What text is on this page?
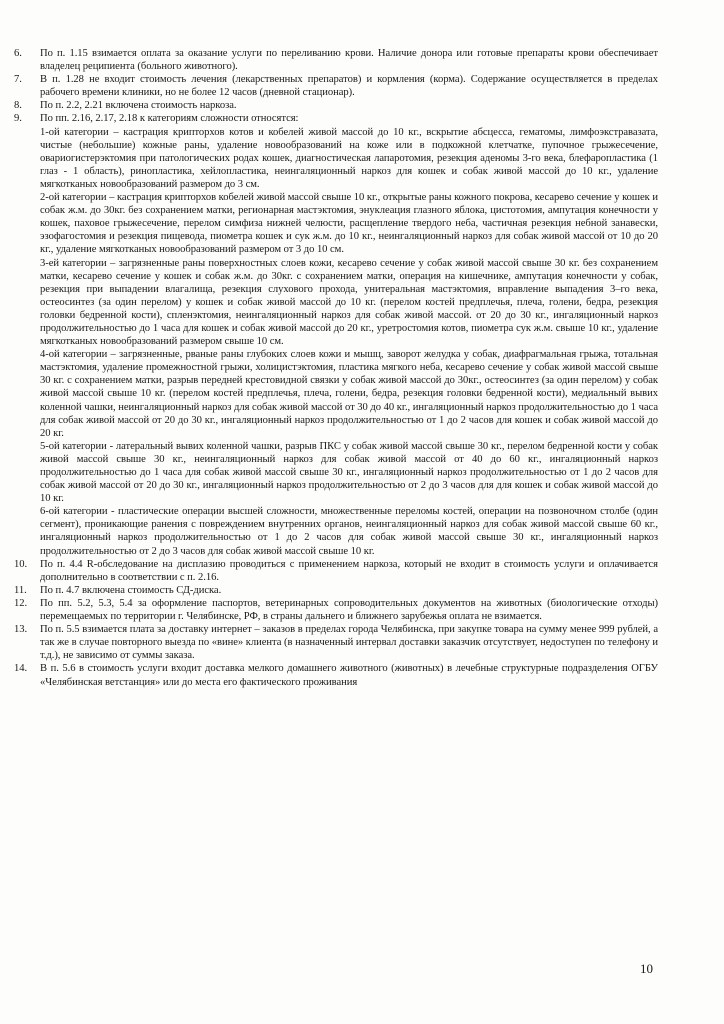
6.	По п. 1.15 взимается оплата за оказание услуги по переливанию крови. Наличие донора или готовые препараты крови обеспечивает владелец реципиента (больного животного).
7.	В п. 1.28 не входит стоимость лечения (лекарственных препаратов) и кормления (корма). Содержание осуществляется в пределах рабочего времени клиники, но не более 12 часов (дневной стационар).
8.	По п. 2.2, 2.21 включена стоимость наркоза.
9.	По пп. 2.16, 2.17, 2.18 к категориям сложности относятся:
1-ой категории – кастрация крипторхов котов и кобелей живой массой до 10 кг., вскрытие абсцесса, гематомы, лимфоэкстравазата, чистые (небольшие) кожные раны, удаление новообразований на коже или в подкожной клетчатке, пупочное грыжесечение, овариогистерэктомия при патологических родах кошек, диагностическая лапаротомия, резекция аденомы 3-го века, блефаропластика (1 глаз - 1 область), ринопластика, хейлопластика, неингаляционный наркоз для кошек и собак живой массой до 10 кг., удаление мягкотканых новообразований размером до 3 см.
2-ой категории – кастрация крипторхов кобелей живой массой свыше 10 кг., открытые раны кожного покрова, кесарево сечение у кошек и собак ж.м. до 30кг. без сохранением матки, регионарная мастэктомия, энуклеация глазного яблока, цистотомия, ампутация конечности у кошек, паховое грыжесечение, перелом симфиза нижней челюсти, расщепление твердого неба, частичная резекция небной занавески, эзофагостомия и резекция пищевода, пиометра кошек и сук ж.м. до 10 кг., неингаляционный наркоз для собак живой массой от 10 до 20 кг., удаление мягкотканых новообразований размером от 3 до 10 см.
3-ей категории – загрязненные раны поверхностных слоев кожи, кесарево сечение у собак живой массой свыше 30 кг. без сохранением матки, кесарево сечение у кошек и собак ж.м. до 30кг. с сохранением матки, операция на кишечнике, ампутация конечности у собак, резекция при выпадении влагалища, резекция слухового прохода, унитеральная мастэктомия, вправление выпадения 3–го века, остеосинтез (за один перелом) у кошек и собак живой массой до 10 кг. (перелом костей предплечья, плеча, голени, бедра, резекция головки бедренной кости), спленэктомия, неингаляционный наркоз для собак живой массой. от 20 до 30 кг., ингаляционный наркоз продолжительностью до 1 часа для кошек и собак живой массой до 20 кг., уретростомия котов, пиометра сук ж.м. свыше 10 кг., удаление мягкотканых новообразований размером свыше 10 см.
4-ой категории – загрязненные, рваные раны глубоких слоев кожи и мышц, заворот желудка у собак, диафрагмальная грыжа, тотальная мастэктомия, удаление промежностной грыжи, холицистэктомия, пластика мягкого неба, кесарево сечение у собак живой массой свыше 30 кг. с сохранением матки, разрыв передней крестовидной связки у собак живой массой до 30кг., остеосинтез (за один перелом) у собак живой массой свыше 10 кг. (перелом костей предплечья, плеча, голени, бедра, резекция головки бедренной кости), медиальный вывих коленной чашки, неингаляционный наркоз для собак живой массой от 30 до 40 кг., ингаляционный наркоз продолжительностью до 1 часа для собак живой массой от 20 до 30 кг., ингаляционный наркоз продолжительностью от 1 до 2 часов для кошек и собак живой массой до 20 кг.
5-ой категории - латеральный вывих коленной чашки, разрыв ПКС у собак живой массой свыше 30 кг., перелом бедренной кости у собак живой массой свыше 30 кг., неингаляционный наркоз для собак живой массой от 40 до 60 кг., ингаляционный наркоз продолжительностью до 1 часа для собак живой массой свыше 30 кг., ингаляционный наркоз продолжительностью от 1 до 2 часов для собак живой массой от 20 до 30 кг., ингаляционный наркоз продолжительностью от 2 до 3 часов для для кошек и собак живой массой до 10 кг.
6-ой категории - пластические операции высшей сложности, множественные переломы костей, операции на позвоночном столбе (один сегмент), проникающие ранения с повреждением внутренних органов, неингаляционный наркоз для собак живой массой свыше 60 кг., ингаляционный наркоз продолжительностью от 1 до 2 часов для собак живой массой свыше 30 кг., ингаляционный наркоз продолжительностью от 2 до 3 часов для собак живой массой свыше 10 кг.
10.	По п. 4.4 R-обследование на дисплазию проводиться с применением наркоза, который не входит в стоимость услуги и оплачивается дополнительно в соответствии с п. 2.16.
11.	По п. 4.7 включена стоимость СД-диска.
12.	По пп. 5.2, 5.3, 5.4 за оформление паспортов, ветеринарных сопроводительных документов на животных (биологические отходы) перемещаемых по территории г. Челябинске, РФ, в страны дальнего и ближнего зарубежья оплата не взимается.
13.	По п. 5.5 взимается плата за доставку интернет – заказов в пределах города Челябинска, при закупке товара на сумму менее 999 рублей, а так же в случае повторного выезда по «вине» клиента (в назначенный интервал доставки заказчик отсутствует, недоступен по телефону и т.д.), не зависимо от суммы заказа.
14.	В п. 5.6 в стоимость услуги входит доставка мелкого домашнего животного (животных) в лечебные структурные подразделения ОГБУ «Челябинская ветстанция» или до места его фактического проживания
10
